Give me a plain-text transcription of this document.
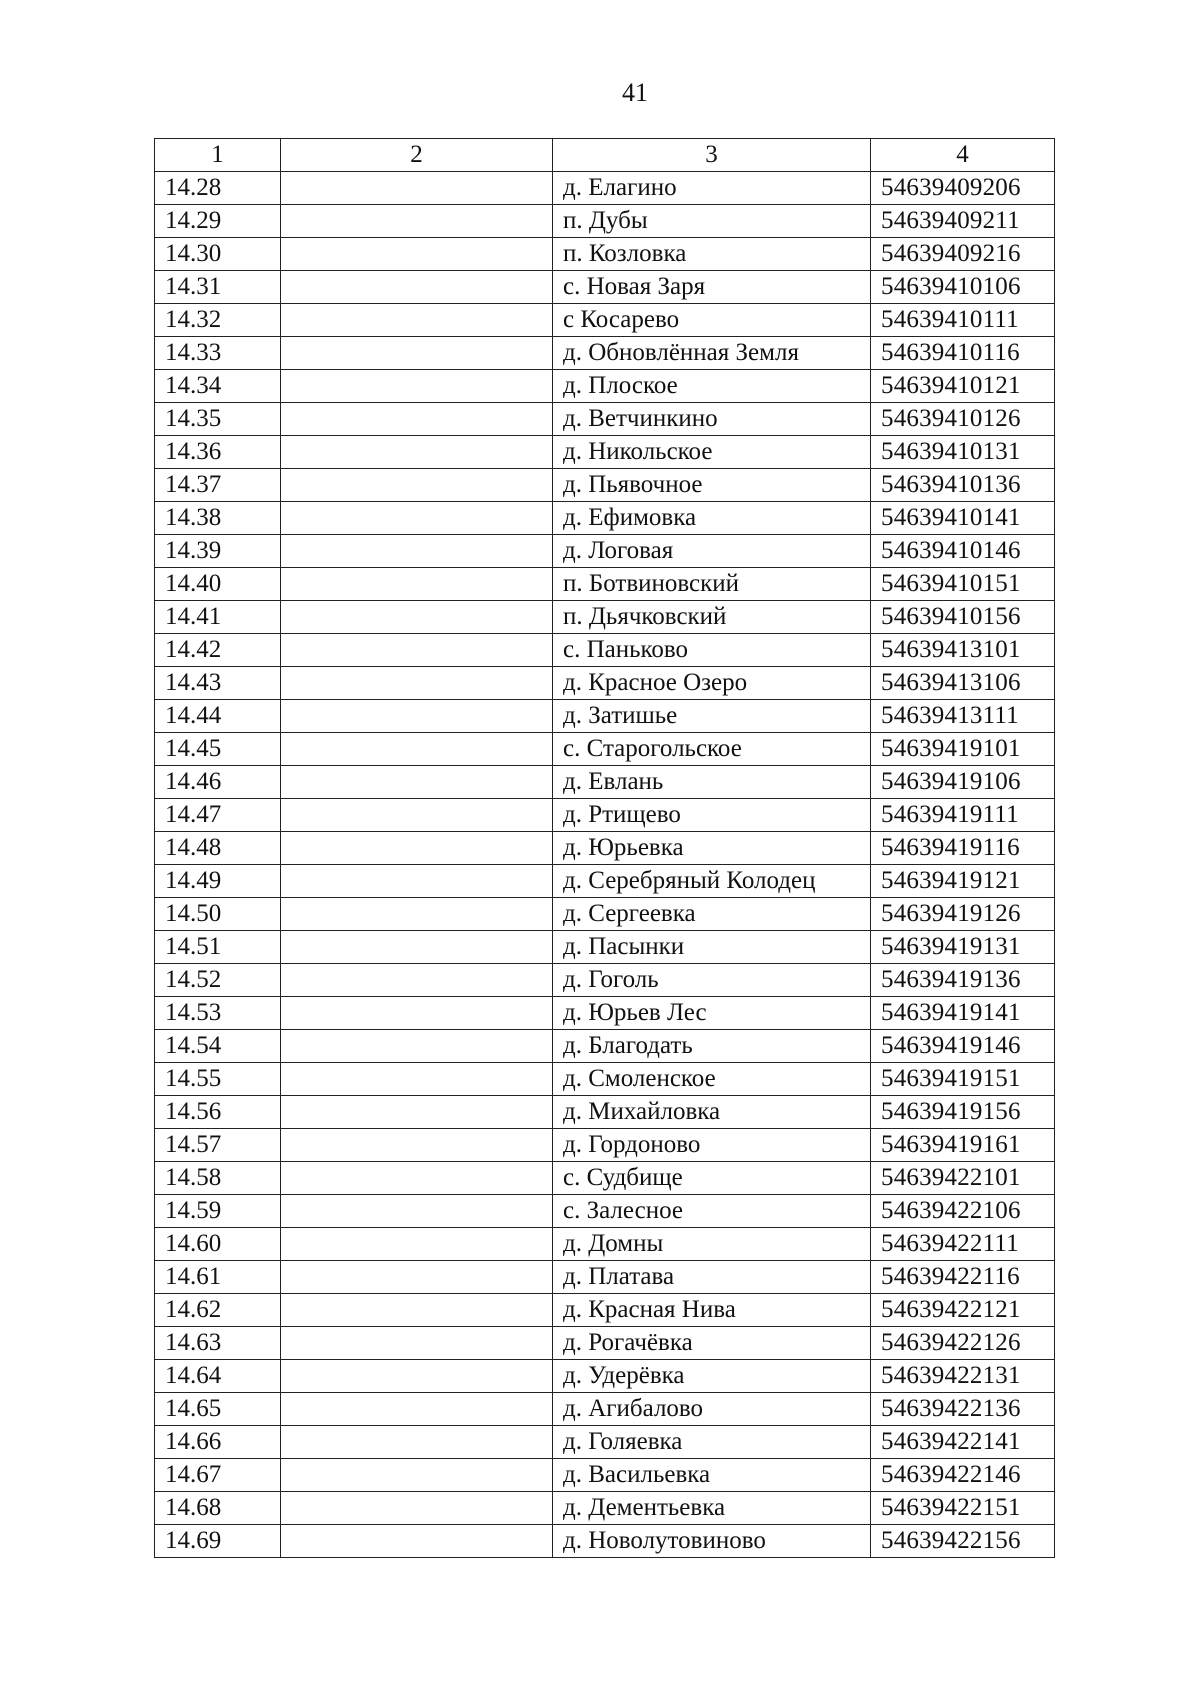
41
1	2	3	4
14.28		д. Елагино	54639409206
14.29		п. Дубы	54639409211
14.30		п. Козловка	54639409216
14.31		с. Новая Заря	54639410106
14.32		с Косарево	54639410111
14.33		д. Обновлённая Земля	54639410116
14.34		д. Плоское	54639410121
14.35		д. Ветчинкино	54639410126
14.36		д. Никольское	54639410131
14.37		д. Пьявочное	54639410136
14.38		д. Ефимовка	54639410141
14.39		д. Логовая	54639410146
14.40		п. Ботвиновский	54639410151
14.41		п. Дьячковский	54639410156
14.42		с. Паньково	54639413101
14.43		д. Красное Озеро	54639413106
14.44		д. Затишье	54639413111
14.45		с. Старогольское	54639419101
14.46		д. Евлань	54639419106
14.47		д. Ртищево	54639419111
14.48		д. Юрьевка	54639419116
14.49		д. Серебряный Колодец	54639419121
14.50		д. Сергеевка	54639419126
14.51		д. Пасынки	54639419131
14.52		д. Гоголь	54639419136
14.53		д. Юрьев Лес	54639419141
14.54		д. Благодать	54639419146
14.55		д. Смоленское	54639419151
14.56		д. Михайловка	54639419156
14.57		д. Гордоново	54639419161
14.58		с. Судбище	54639422101
14.59		с. Залесное	54639422106
14.60		д. Домны	54639422111
14.61		д. Платава	54639422116
14.62		д. Красная Нива	54639422121
14.63		д. Рогачёвка	54639422126
14.64		д. Удерёвка	54639422131
14.65		д. Агибалово	54639422136
14.66		д. Голяевка	54639422141
14.67		д. Васильевка	54639422146
14.68		д. Дементьевка	54639422151
14.69		д. Новолутовиново	54639422156
